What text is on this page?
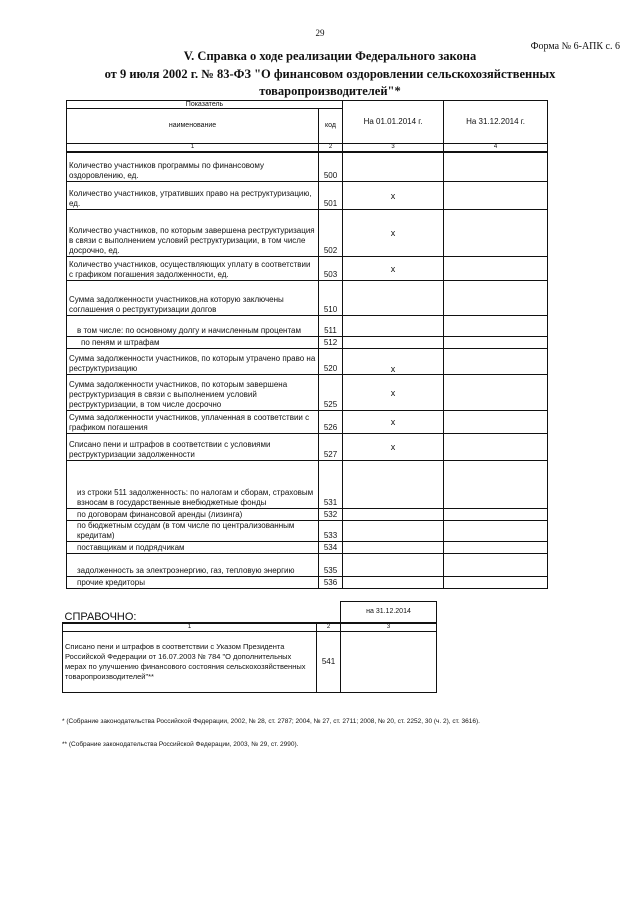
29
Форма № 6-АПК с. 6
V. Справка о ходе реализации Федерального закона
от 9 июля 2002 г. № 83-ФЗ "О финансовом оздоровлении сельскохозяйственных
товаропроизводителей"*
Показатель		На 01.01.2014 г.	На 31.12.2014 г.
наименование	код		
1	2	3	4
Количество участников программы по финансовому оздоровлению, ед.	500		
Количество участников, утративших право на реструктуризацию, ед.	501	x	
Количество участников, по которым завершена реструктуризация в связи с выполнением условий реструктуризации, в том числе досрочно, ед.	502	x	
Количество участников, осуществляющих уплату в соответствии с графиком погашения задолженности, ед.	503	x	
Сумма задолженности участников,на которую заключены соглашения о реструктуризации долгов	510		
в том числе: по основному долгу и начисленным процентам	511		
по пеням и штрафам	512		
Сумма задолженности участников, по которым утрачено право на реструктуризацию	520	x	
Сумма задолженности участников, по которым завершена реструктуризация в связи с выполнением условий реструктуризации, в том числе досрочно	525	x	
Сумма задолженности участников, уплаченная в соответствии с графиком погашения	526	x	
Списано пени и штрафов в соответствии с условиями реструктуризации задолженности	527	x	
из строки 511 задолженность: по налогам и сборам, страховым взносам в государственные внебюджетные фонды	531		
по договорам финансовой аренды (лизинга)	532		
по бюджетным ссудам (в том числе по централизованным кредитам)	533		
поставщикам и подрядчикам	534		
задолженность за электроэнергию, газ, тепловую энергию	535		
прочие кредиторы	536		
СПРАВОЧНО:		на 31.12.2014
1	2	3
Списано пени и штрафов в соответствии с Указом Президента Российской Федерации от 16.07.2003 № 784 "О дополнительных мерах по улучшению финансового состояния сельскохозяйственных товаропроизводителей"**	541	
* (Собрание законодательства Российской Федерации, 2002, № 28, ст. 2787; 2004, № 27, ст. 2711; 2008, № 20, ст. 2252, 30 (ч. 2), ст. 3616).
** (Собрание законодательства Российской Федерации, 2003, № 29, ст. 2990).
